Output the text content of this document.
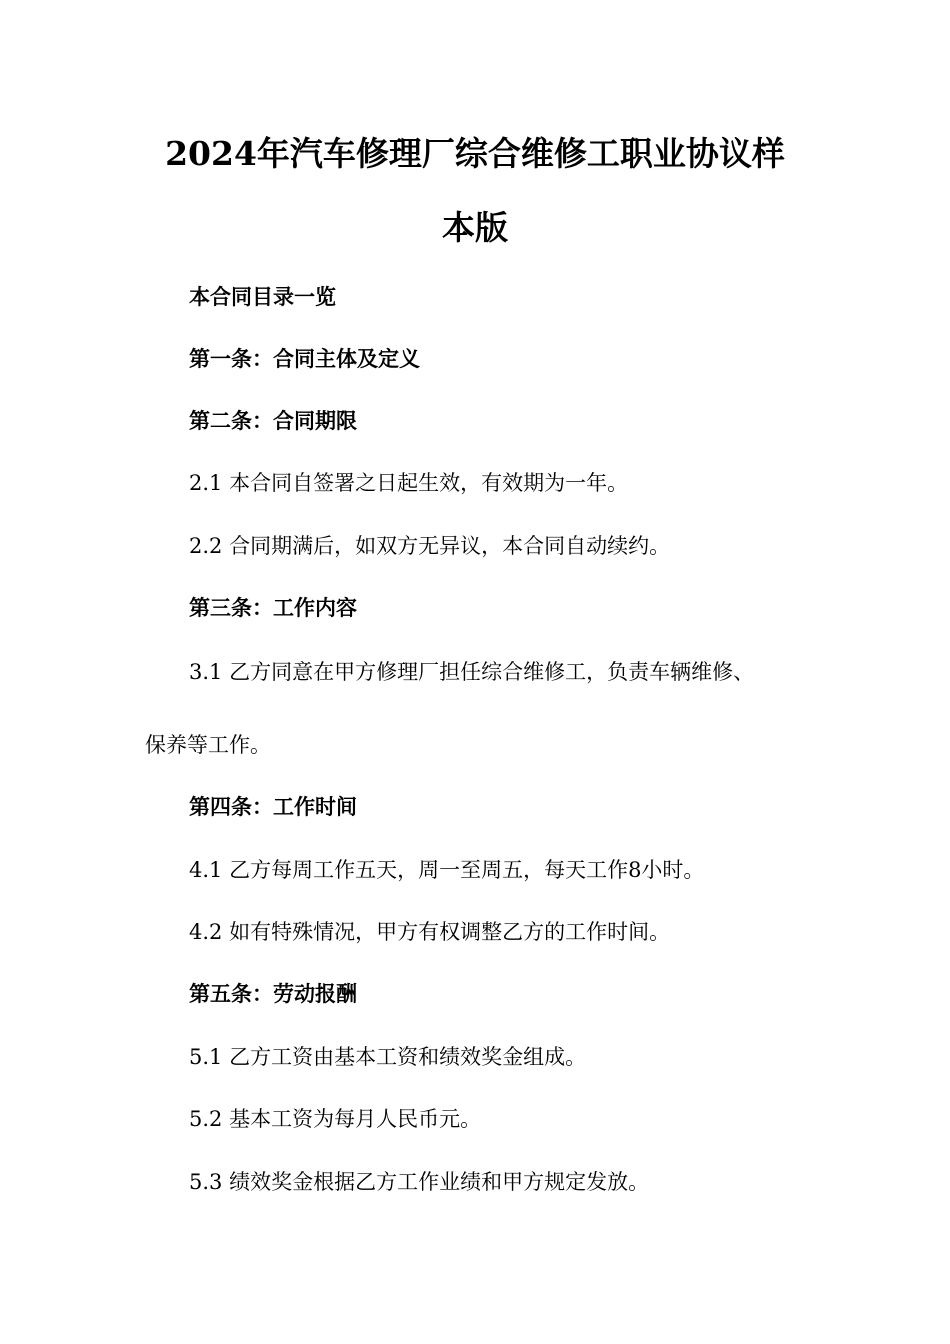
2024年汽车修理厂综合维修工职业协议样
本版
本合同目录一览
第一条：合同主体及定义
第二条：合同期限
2.1 本合同自签署之日起生效，有效期为一年。
2.2 合同期满后，如双方无异议，本合同自动续约。
第三条：工作内容
3.1 乙方同意在甲方修理厂担任综合维修工，负责车辆维修、
保养等工作。
第四条：工作时间
4.1 乙方每周工作五天，周一至周五，每天工作8小时。
4.2 如有特殊情况，甲方有权调整乙方的工作时间。
第五条：劳动报酬
5.1 乙方工资由基本工资和绩效奖金组成。
5.2 基本工资为每月人民币元。
5.3 绩效奖金根据乙方工作业绩和甲方规定发放。
